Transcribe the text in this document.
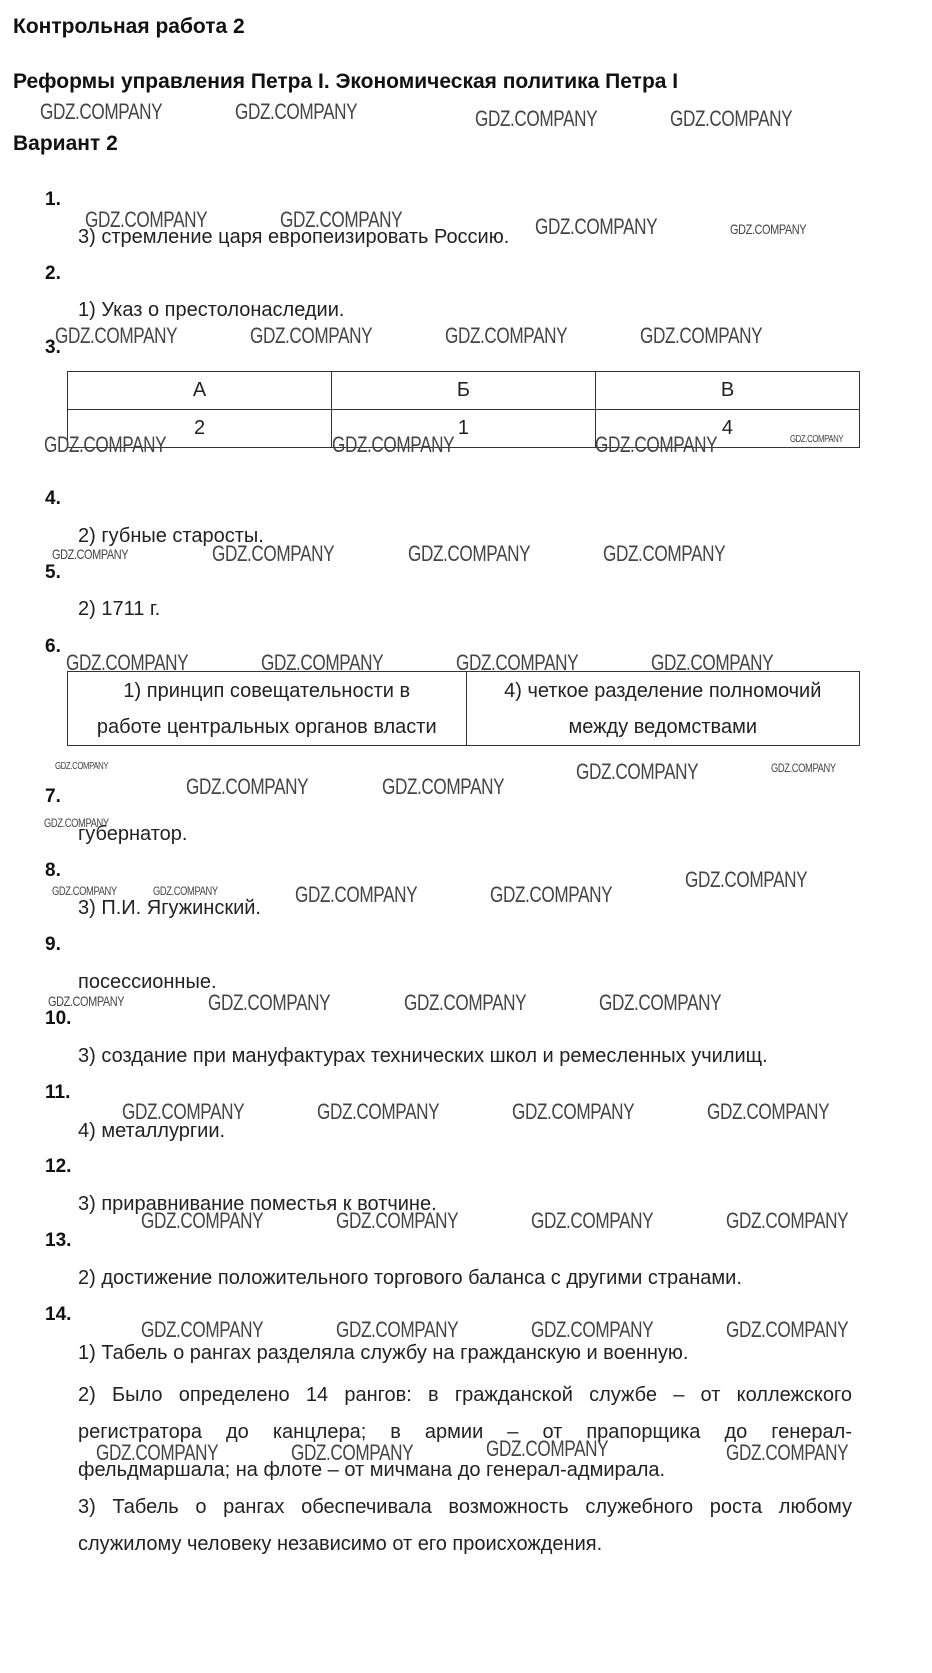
Контрольная работа 2
Реформы управления Петра I. Экономическая политика Петра I
Вариант 2
1.
3) стремление царя европеизировать Россию.
2.
1) Указ о престолонаследии.
3.
А	Б	В
2	1	4
4.
2) губные старосты.
5.
2) 1711 г.
6.
1) принцип совещательности в
работе центральных органов власти

4) четкое разделение полномочий
между ведомствами
7.
губернатор.
8.
3) П.И. Ягужинский.
9.
посессионные.
10.
3) создание при мануфактурах технических школ и ремесленных училищ.
11.
4) металлургии.
12.
3) приравнивание поместья к вотчине.
13.
2) достижение положительного торгового баланса с другими странами.
14.
1) Табель о рангах разделяла службу на гражданскую и военную.
2) Было определено 14 рангов: в гражданской службе – от коллежского
регистратора до канцлера; в армии – от прапорщика до генерал-
фельдмаршала; на флоте – от мичмана до генерал-адмирала.
3) Табель о рангах обеспечивала возможность служебного роста любому
служилому человеку независимо от его происхождения.
GDZ.COMPANY	GDZ.COMPANY	GDZ.COMPANY	GDZ.COMPANY
GDZ.COMPANY	GDZ.COMPANY	GDZ.COMPANY	GDZ.COMPANY
GDZ.COMPANY	GDZ.COMPANY	GDZ.COMPANY	GDZ.COMPANY
GDZ.COMPANY	GDZ.COMPANY	GDZ.COMPANY	GDZ.COMPANY
GDZ.COMPANY	GDZ.COMPANY	GDZ.COMPANY	GDZ.COMPANY
GDZ.COMPANY	GDZ.COMPANY	GDZ.COMPANY	GDZ.COMPANY
GDZ.COMPANY
GDZ.COMPANY	GDZ.COMPANY
GDZ.COMPANY	GDZ.COMPANY
GDZ.COMPANY
GDZ.COMPANY	GDZ.COMPANY	GDZ.COMPANY	GDZ.COMPANY
GDZ.COMPANY
GDZ.COMPANY	GDZ.COMPANY	GDZ.COMPANY	GDZ.COMPANY
GDZ.COMPANY	GDZ.COMPANY	GDZ.COMPANY	GDZ.COMPANY
GDZ.COMPANY	GDZ.COMPANY	GDZ.COMPANY	GDZ.COMPANY
GDZ.COMPANY	GDZ.COMPANY	GDZ.COMPANY	GDZ.COMPANY
GDZ.COMPANY	GDZ.COMPANY	GDZ.COMPANY	GDZ.COMPANY
